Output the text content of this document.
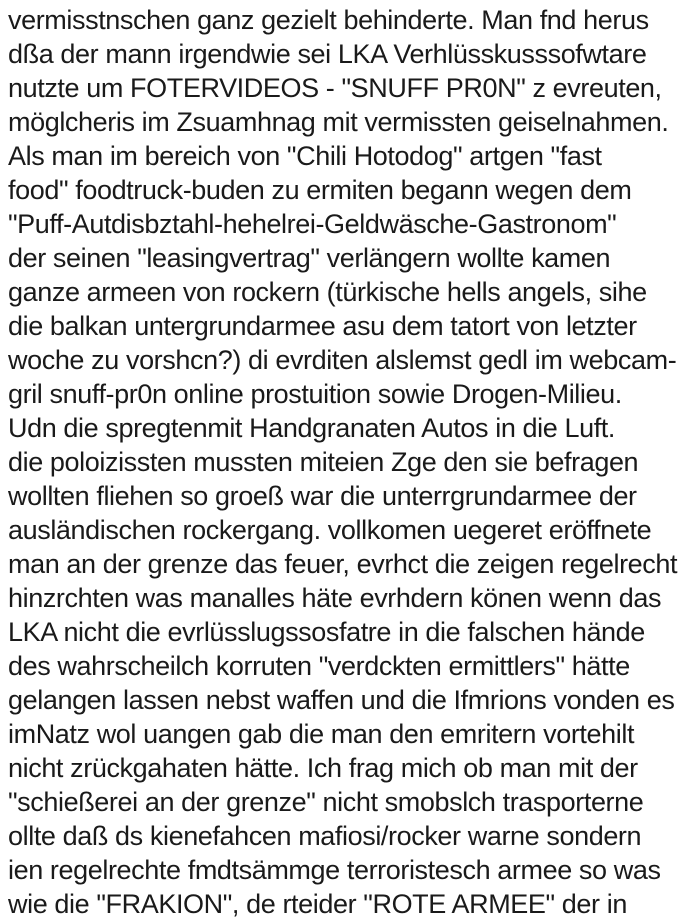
vermisstnschen ganz gezielt behinderte. Man fnd herus
dßa der mann irgendwie sei LKA Verhlüsskusssofwtare
nutzte um FOTERVIDEOS - "SNUFF PR0N" z evreuten,
möglcheris im Zsuamhnag mit vermissten geiselnahmen.
Als man im bereich von "Chili Hotodog" artgen "fast
food" foodtruck-buden zu ermiten begann wegen dem
"Puff-Autdisbztahl-hehelrei-Geldwäsche-Gastronom"
der seinen "leasingvertrag" verlängern wollte kamen
ganze armeen von rockern (türkische hells angels, sihe
die balkan untergrundarmee asu dem tatort von letzter
woche zu vorshcn?) di evrditen alslemst gedl im webcam-
gril snuff-pr0n online prostuition sowie Drogen-Milieu.
Udn die spregtenmit Handgranaten Autos in die Luft.
die poloizissten mussten miteien Zge den sie befragen
wollten fliehen so groeß war die unterrgrundarmee der
ausländischen rockergang. vollkomen uegeret eröffnete
man an der grenze das feuer, evrhct die zeigen regelrecht
hinzrchten was manalles häte evrhdern könen wenn das
LKA nicht die evrlüsslugssosfatre in die falschen hände
des wahrscheilch korruten "verdckten ermittlers" hätte
gelangen lassen nebst waffen und die Ifmrions vonden es
imNatz wol uangen gab die man den emritern vortehilt
nicht zrückgahaten hätte. Ich frag mich ob man mit der
"schießerei an der grenze" nicht smobslch trasporterne
ollte daß ds kienefahcen mafiosi/rocker warne sondern
ien regelrechte fmdtsämmge terroristesch armee so was
wie die "FRAKION", de rteider "ROTE ARMEE" der in
